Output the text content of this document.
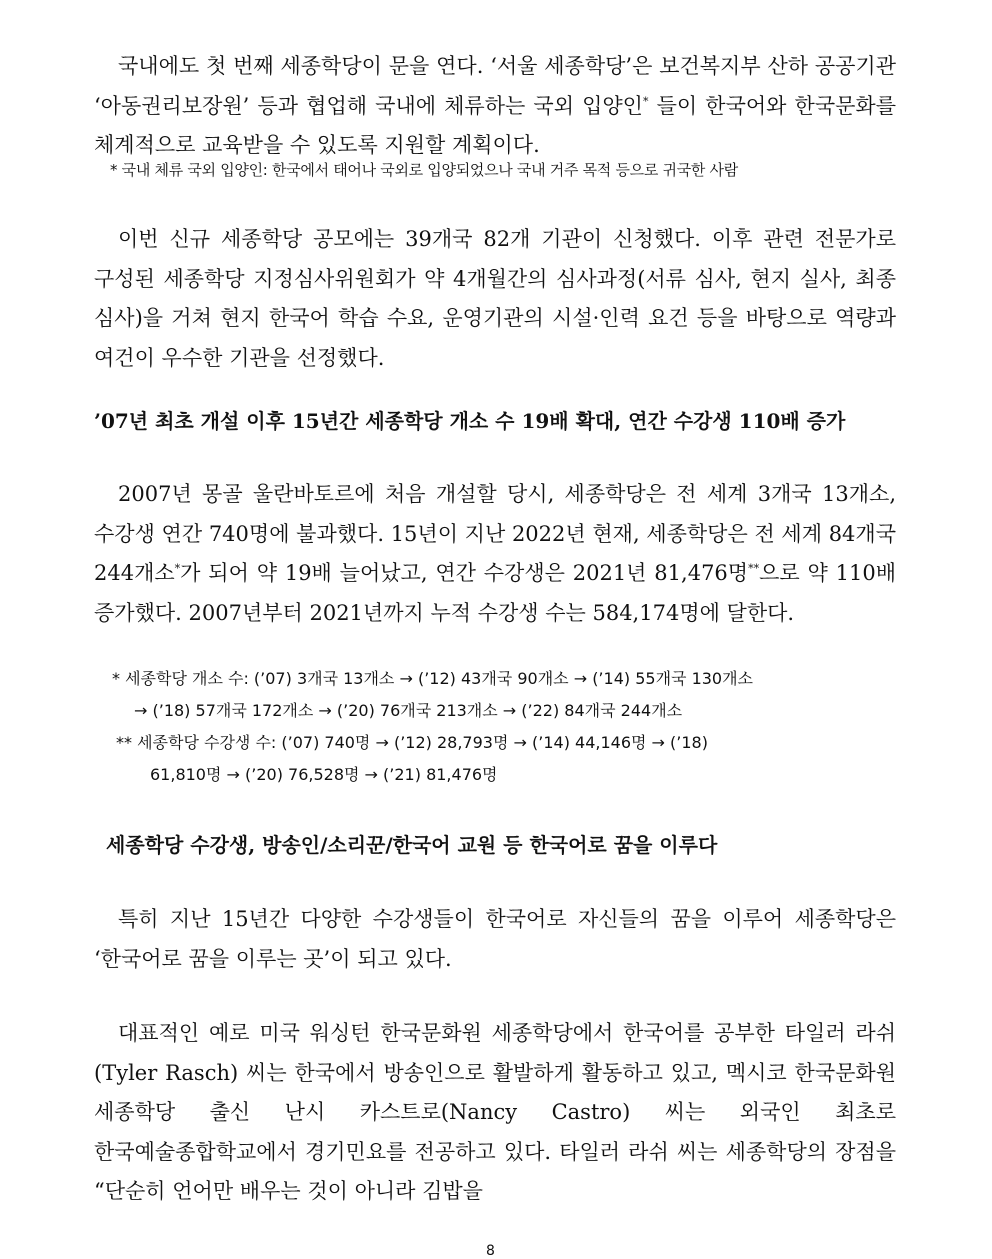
국내에도 첫 번째 세종학당이 문을 연다. ‘서울 세종학당’은 보건복지부 산하 공공기관 ‘아동권리보장원’ 등과 협업해 국내에 체류하는 국외 입양인* 들이 한국어와 한국문화를 체계적으로 교육받을 수 있도록 지원할 계획이다.

* 국내 체류 국외 입양인: 한국에서 태어나 국외로 입양되었으나 국내 거주 목적 등으로 귀국한 사람

이번 신규 세종학당 공모에는 39개국 82개 기관이 신청했다. 이후 관련 전문가로 구성된 세종학당 지정심사위원회가 약 4개월간의 심사과정(서류 심사, 현지 실사, 최종 심사)을 거쳐 현지 한국어 학습 수요, 운영기관의 시설·인력 요건 등을 바탕으로 역량과 여건이 우수한 기관을 선정했다.

’07년 최초 개설 이후 15년간 세종학당 개소 수 19배 확대, 연간 수강생 110배 증가

2007년 몽골 울란바토르에 처음 개설할 당시, 세종학당은 전 세계 3개국 13개소, 수강생 연간 740명에 불과했다. 15년이 지난 2022년 현재, 세종학당은 전 세계 84개국 244개소*가 되어 약 19배 늘어났고, 연간 수강생은 2021년 81,476명**으로 약 110배 증가했다. 2007년부터 2021년까지 누적 수강생 수는 584,174명에 달한다.

* 세종학당 개소 수: (’07) 3개국 13개소 → (’12) 43개국 90개소 → (’14) 55개국 130개소

→ (’18) 57개국 172개소 → (’20) 76개국 213개소 → (’22) 84개국 244개소

** 세종학당 수강생 수: (’07) 740명 → (’12) 28,793명 → (’14) 44,146명 → (’18)

61,810명 → (’20) 76,528명 → (’21) 81,476명

세종학당 수강생, 방송인/소리꾼/한국어 교원 등 한국어로 꿈을 이루다

특히 지난 15년간 다양한 수강생들이 한국어로 자신들의 꿈을 이루어 세종학당은 ‘한국어로 꿈을 이루는 곳’이 되고 있다.

대표적인 예로 미국 워싱턴 한국문화원 세종학당에서 한국어를 공부한 타일러 라쉬(Tyler Rasch) 씨는 한국에서 방송인으로 활발하게 활동하고 있고, 멕시코 한국문화원 세종학당 출신 난시 카스트로(Nancy Castro) 씨는 외국인 최초로 한국예술종합학교에서 경기민요를 전공하고 있다. 타일러 라쉬 씨는 세종학당의 장점을 “단순히 언어만 배우는 것이 아니라 김밥을

8
